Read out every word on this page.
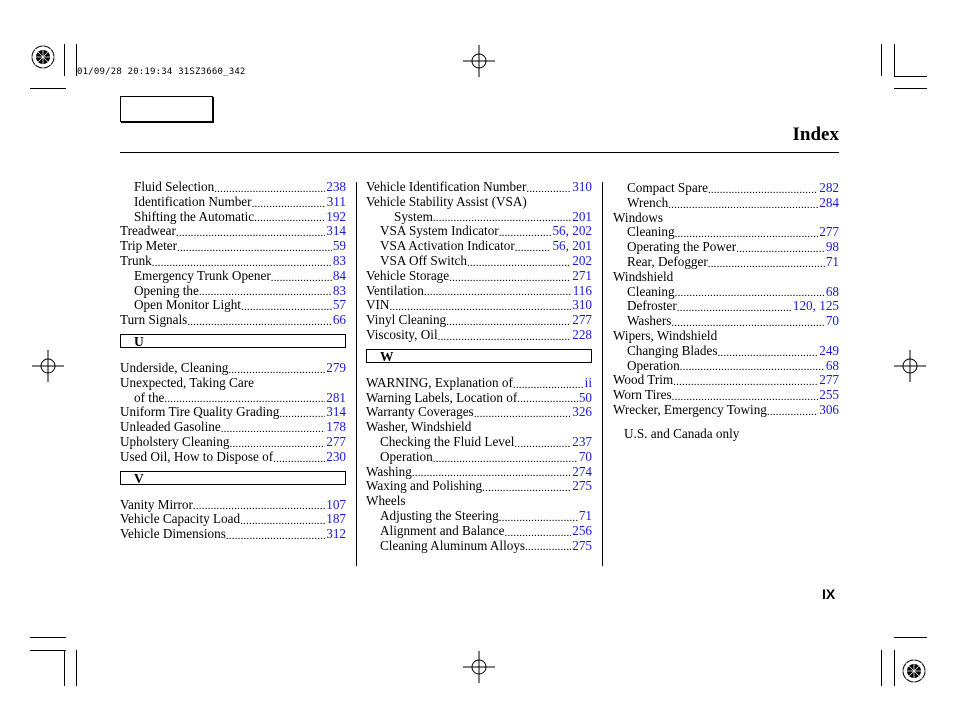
01/09/28 20:19:34 31SZ3660_342
Index
Fluid Selection .....	238
Identification Number .....	311
Shifting the Automatic .....	192
Treadwear .....	314
Trip Meter .....	59
Trunk .....	83
Emergency Trunk Opener .....	84
Opening the .....	83
Open Monitor Light .....	57
Turn Signals .....	66
U
Underside, Cleaning .....	279
Unexpected, Taking Care
of the .....	281
Uniform Tire Quality Grading .....	314
Unleaded Gasoline .....	178
Upholstery Cleaning .....	277
Used Oil, How to Dispose of .....	230
V
Vanity Mirror .....	107
Vehicle Capacity Load .....	187
Vehicle Dimensions .....	312
Vehicle Identification Number .....	310
Vehicle Stability Assist (VSA)
System .....	201
VSA System Indicator .....	56, 202
VSA Activation Indicator .....	56, 201
VSA Off Switch .....	202
Vehicle Storage .....	271
Ventilation .....	116
VIN .....	310
Vinyl Cleaning .....	277
Viscosity, Oil .....	228
W
WARNING, Explanation of .....	ii
Warning Labels, Location of .....	50
Warranty Coverages .....	326
Washer, Windshield
Checking the Fluid Level .....	237
Operation .....	70
Washing .....	274
Waxing and Polishing .....	275
Wheels
Adjusting the Steering .....	71
Alignment and Balance .....	256
Cleaning Aluminum Alloys .....	275
Compact Spare .....	282
Wrench .....	284
Windows
Cleaning .....	277
Operating the Power .....	98
Rear, Defogger .....	71
Windshield
Cleaning .....	68
Defroster .....	120, 125
Washers .....	70
Wipers, Windshield
Changing Blades .....	249
Operation .....	68
Wood Trim .....	277
Worn Tires .....	255
Wrecker, Emergency Towing .....	306
U.S. and Canada only
IX
